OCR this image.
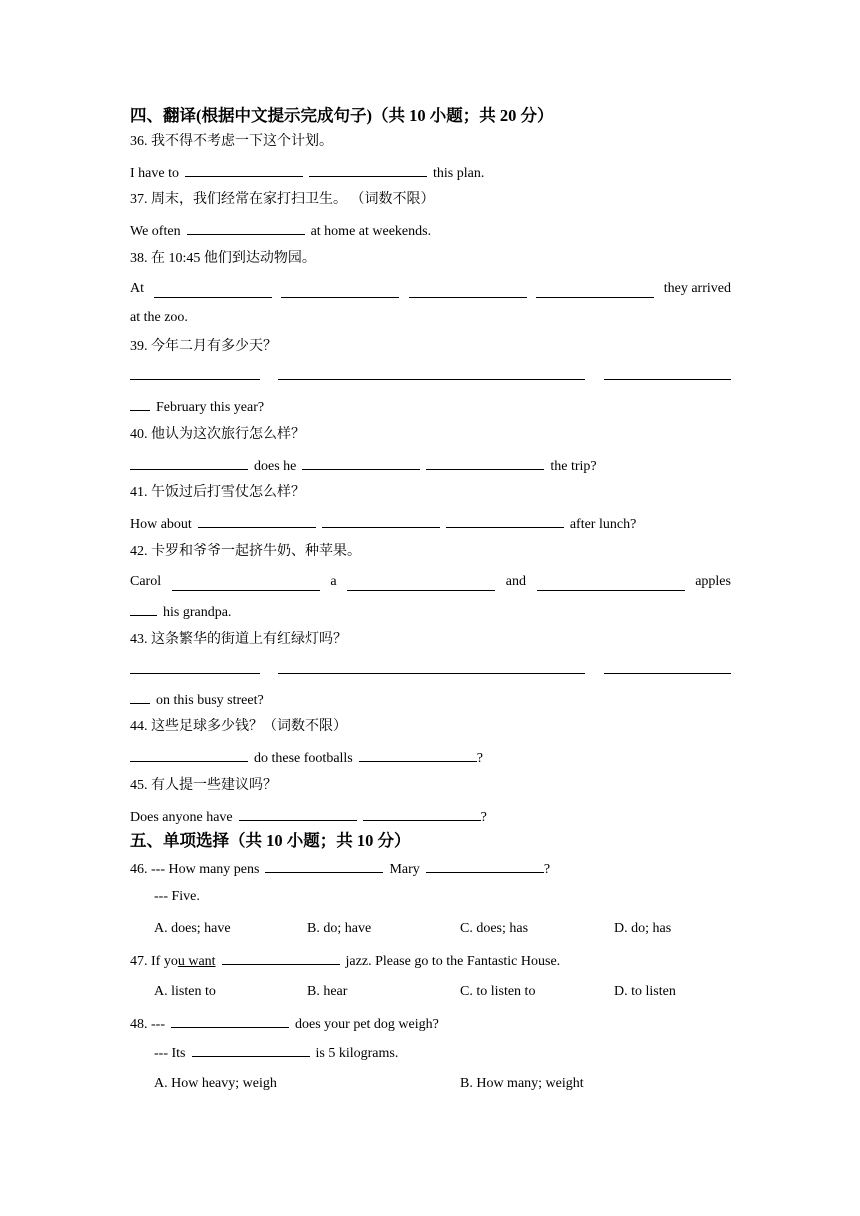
四、翻译(根据中文提示完成句子)（共 10 小题；共 20 分）
36. 我不得不考虑一下这个计划。
I have to	this plan.
37. 周末，我们经常在家打扫卫生。 （词数不限）
We often	at home at weekends.
38. 在 10:45 他们到达动物园。
At	they arrived
at the zoo.
39. 今年二月有多少天？
February this year?
40. 他认为这次旅行怎么样？
does he	the trip?
41. 午饭过后打雪仗怎么样？
How about	after lunch?
42. 卡罗和爷爷一起挤牛奶、种苹果。
Carol	a	and	apples
his grandpa.
43. 这条繁华的街道上有红绿灯吗？
on this busy street?
44. 这些足球多少钱？（词数不限）
do these footballs	?
45. 有人提一些建议吗？
Does anyone have	?
五、单项选择（共 10 小题；共 10 分）
46. --- How many pens	Mary	?
--- Five.
A. does; have	B. do; have	C. does; has	D. do; has
47. If you want	jazz. Please go to the Fantastic House.
A. listen to	B. hear	C. to listen to	D. to listen
48. ---	does your pet dog weigh?
--- Its	is 5 kilograms.
A. How heavy; weigh	B. How many; weight
